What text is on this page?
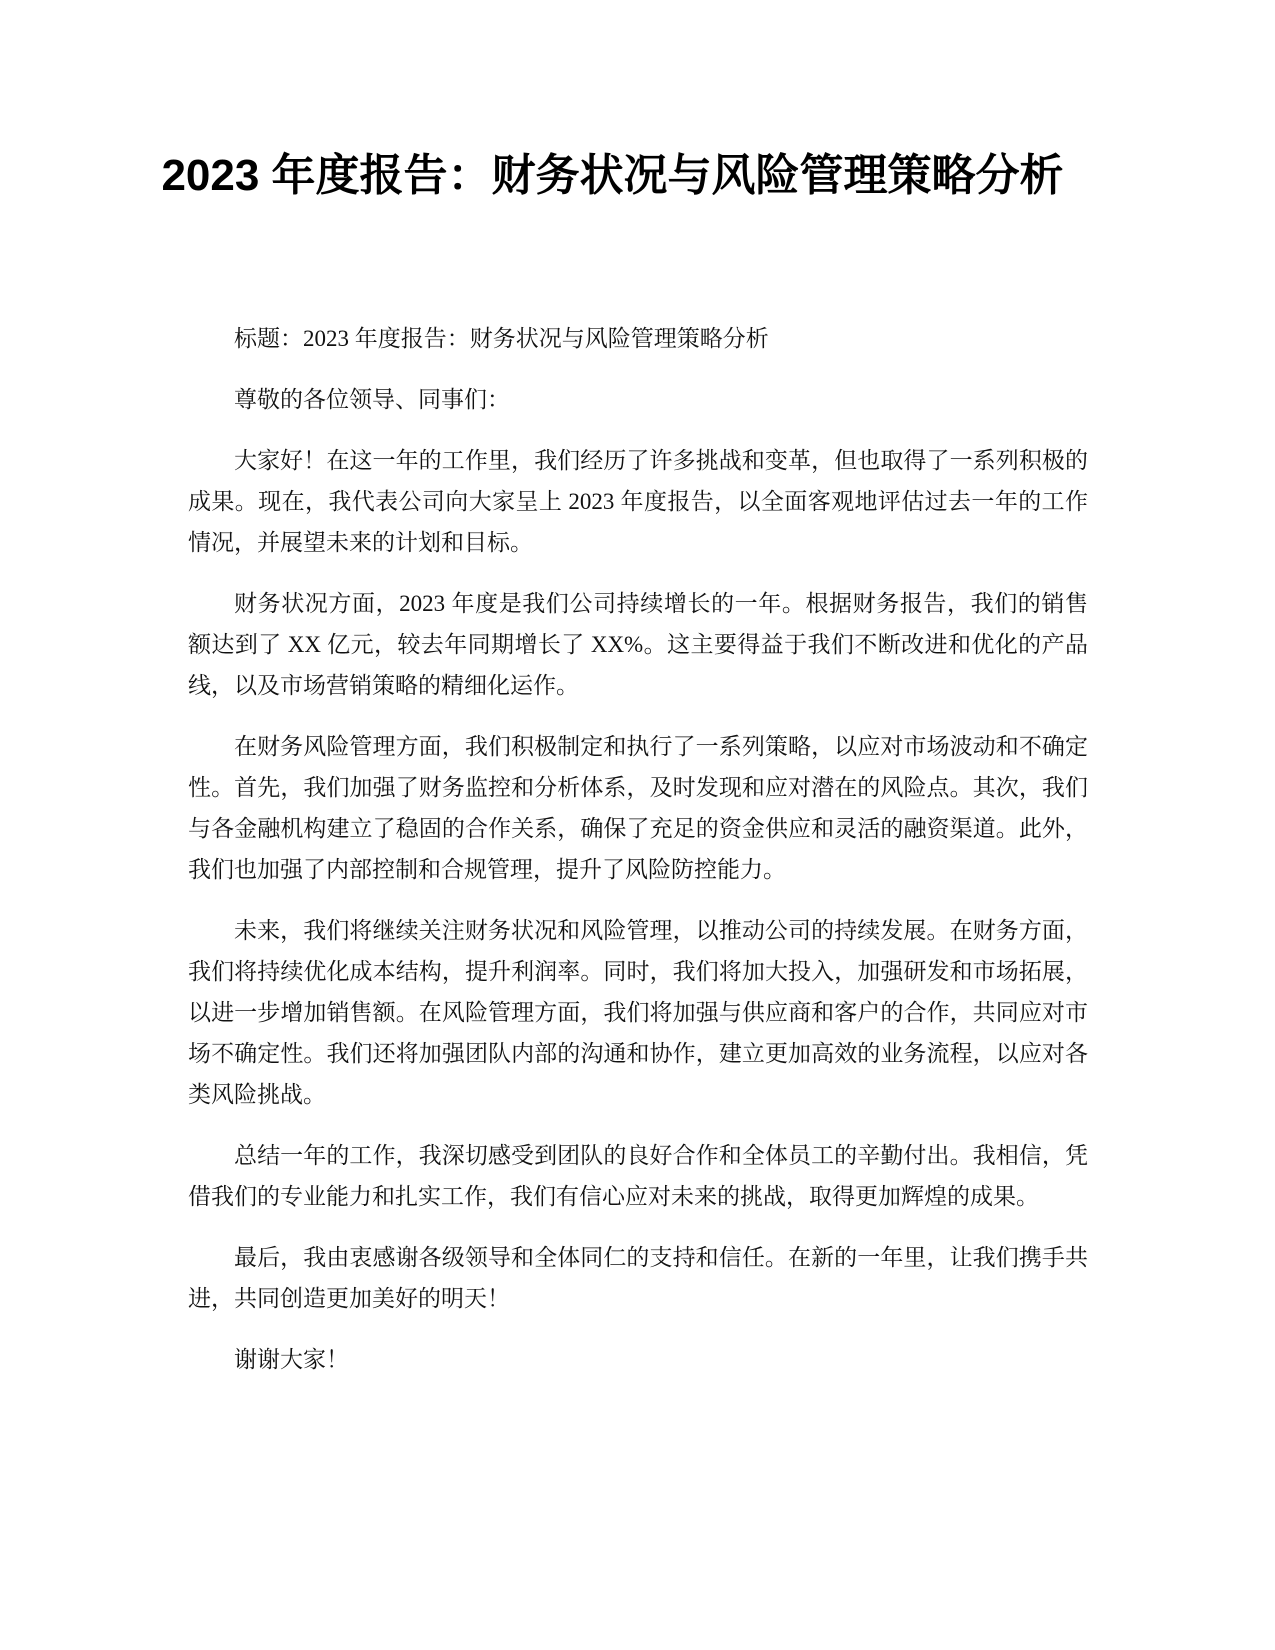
2023 年度报告：财务状况与风险管理策略分析

标题：2023 年度报告：财务状况与风险管理策略分析

尊敬的各位领导、同事们：

大家好！在这一年的工作里，我们经历了许多挑战和变革，但也取得了一系列积极的成果。现在，我代表公司向大家呈上 2023 年度报告，以全面客观地评估过去一年的工作情况，并展望未来的计划和目标。

财务状况方面，2023 年度是我们公司持续增长的一年。根据财务报告，我们的销售额达到了 XX 亿元，较去年同期增长了 XX%。这主要得益于我们不断改进和优化的产品线，以及市场营销策略的精细化运作。

在财务风险管理方面，我们积极制定和执行了一系列策略，以应对市场波动和不确定性。首先，我们加强了财务监控和分析体系，及时发现和应对潜在的风险点。其次，我们与各金融机构建立了稳固的合作关系，确保了充足的资金供应和灵活的融资渠道。此外，我们也加强了内部控制和合规管理，提升了风险防控能力。

未来，我们将继续关注财务状况和风险管理，以推动公司的持续发展。在财务方面，我们将持续优化成本结构，提升利润率。同时，我们将加大投入，加强研发和市场拓展，以进一步增加销售额。在风险管理方面，我们将加强与供应商和客户的合作，共同应对市场不确定性。我们还将加强团队内部的沟通和协作，建立更加高效的业务流程，以应对各类风险挑战。

总结一年的工作，我深切感受到团队的良好合作和全体员工的辛勤付出。我相信，凭借我们的专业能力和扎实工作，我们有信心应对未来的挑战，取得更加辉煌的成果。

最后，我由衷感谢各级领导和全体同仁的支持和信任。在新的一年里，让我们携手共进，共同创造更加美好的明天！

谢谢大家！
